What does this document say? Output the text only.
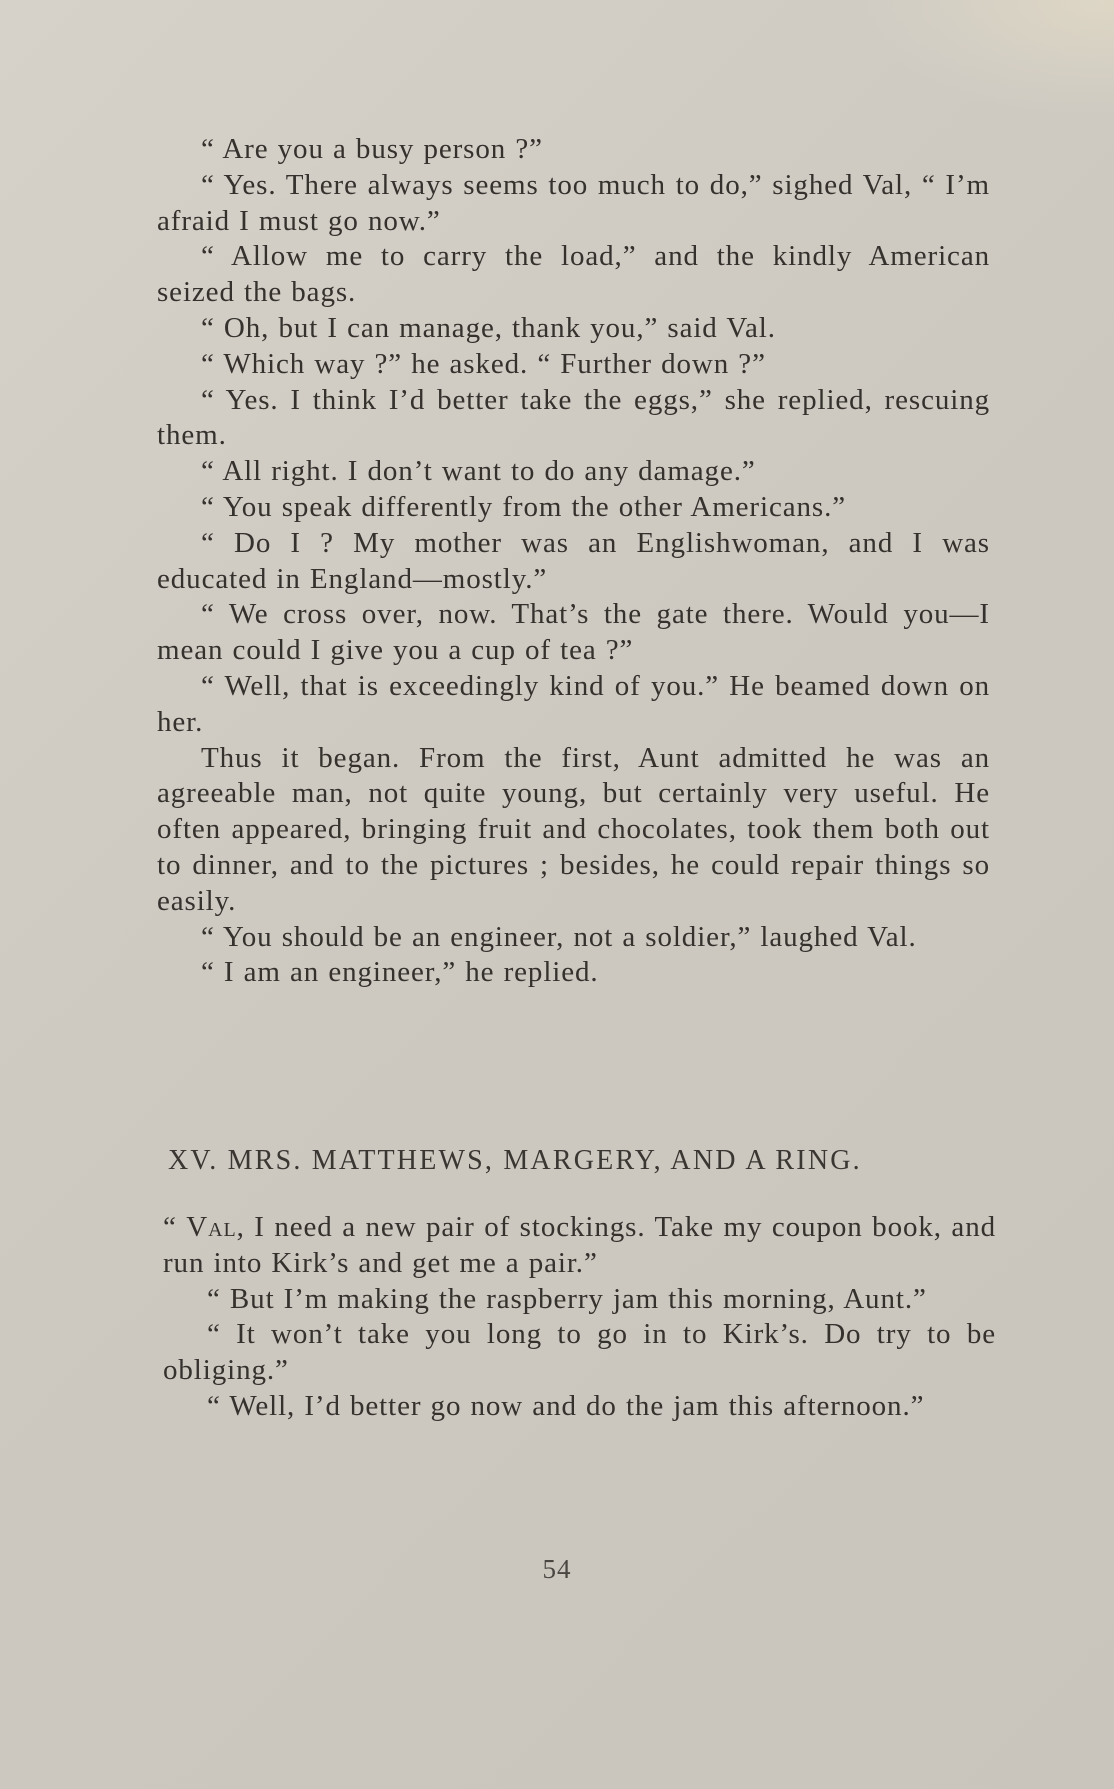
“ Are you a busy person ?”

“ Yes. There always seems too much to do,” sighed Val, “ I’m afraid I must go now.”

“ Allow me to carry the load,” and the kindly American seized the bags.

“ Oh, but I can manage, thank you,” said Val.

“ Which way ?” he asked. “ Further down ?”

“ Yes. I think I’d better take the eggs,” she replied, rescuing them.

“ All right. I don’t want to do any damage.”

“ You speak differently from the other Americans.”

“ Do I ? My mother was an Englishwoman, and I was educated in England—mostly.”

“ We cross over, now. That’s the gate there. Would you—I mean could I give you a cup of tea ?”

“ Well, that is exceedingly kind of you.” He beamed down on her.

Thus it began. From the first, Aunt admitted he was an agreeable man, not quite young, but certainly very useful. He often appeared, bringing fruit and chocolates, took them both out to dinner, and to the pictures ; besides, he could repair things so easily.

“ You should be an engineer, not a soldier,” laughed Val.

“ I am an engineer,” he replied.

XV. MRS. MATTHEWS, MARGERY, AND A RING.

“ Val, I need a new pair of stockings. Take my coupon book, and run into Kirk’s and get me a pair.”

“ But I’m making the raspberry jam this morning, Aunt.”

“ It won’t take you long to go in to Kirk’s. Do try to be obliging.”

“ Well, I’d better go now and do the jam this afternoon.”

54
